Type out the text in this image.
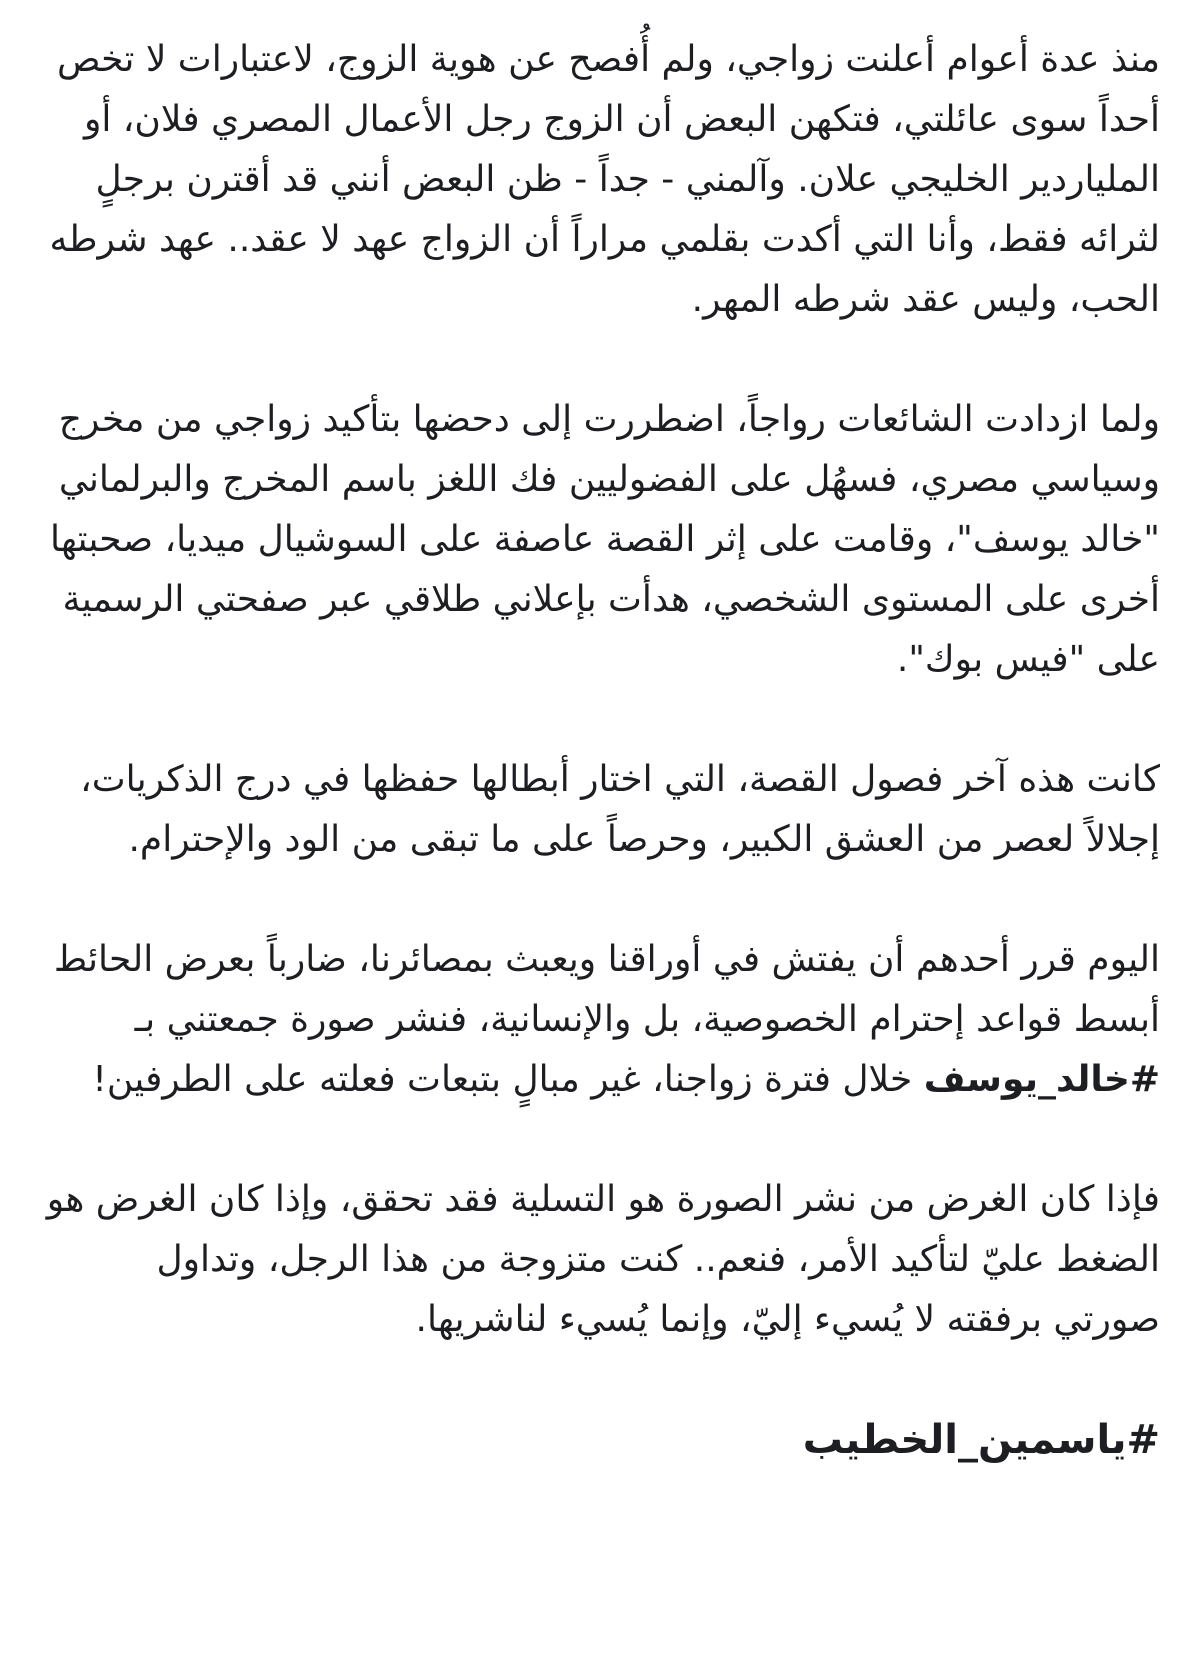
منذ عدة أعوام أعلنت زواجي، ولم أُفصح عن هوية الزوج، لاعتبارات لا تخص أحداً سوى عائلتي، فتكهن البعض أن الزوج رجل الأعمال المصري فلان، أو الملياردير الخليجي علان. وآلمني - جداً - ظن البعض أنني قد أقترن برجلٍ لثرائه فقط، وأنا التي أكدت بقلمي مراراً أن الزواج عهد لا عقد.. عهد شرطه الحب، وليس عقد شرطه المهر.

ولما ازدادت الشائعات رواجاً، اضطررت إلى دحضها بتأكيد زواجي من مخرج وسياسي مصري، فسهُل على الفضوليين فك اللغز باسم المخرج والبرلماني "خالد يوسف"، وقامت على إثر القصة عاصفة على السوشيال ميديا، صحبتها أخرى على المستوى الشخصي، هدأت بإعلاني طلاقي عبر صفحتي الرسمية على "فيس بوك".

كانت هذه آخر فصول القصة، التي اختار أبطالها حفظها في درج الذكريات، إجلالاً لعصر من العشق الكبير، وحرصاً على ما تبقى من الود والإحترام.

اليوم قرر أحدهم أن يفتش في أوراقنا ويعبث بمصائرنا، ضارباً بعرض الحائط أبسط قواعد إحترام الخصوصية، بل والإنسانية، فنشر صورة جمعتني بـ #خالد_يوسف خلال فترة زواجنا، غير مبالٍ بتبعات فعلته على الطرفين!

فإذا كان الغرض من نشر الصورة هو التسلية فقد تحقق، وإذا كان الغرض هو الضغط عليّ لتأكيد الأمر، فنعم.. كنت متزوجة من هذا الرجل، وتداول صورتي برفقته لا يُسيء إليّ، وإنما يُسيء لناشريها.

#ياسمين_الخطيب
